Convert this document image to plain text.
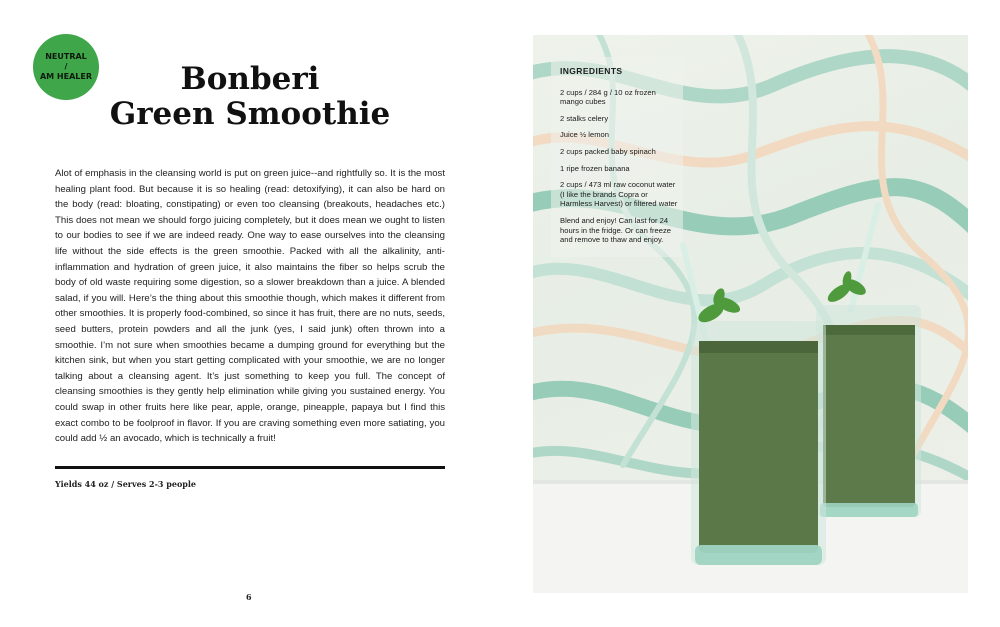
NEUTRAL
/
AM HEALER	Bonberi
Green Smoothie

Alot of emphasis in the cleansing world is put on green juice--and rightfully so. It is the most healing plant food. But because it is so healing (read: detoxifying), it can also be hard on the body (read: bloating, constipating) or even too cleansing (breakouts, headaches etc.) This does not mean we should forgo juicing completely, but it does mean we ought to listen to our bodies to see if we are indeed ready. One way to ease ourselves into the cleansing life without the side effects is the green smoothie. Packed with all the alkalinity, anti-inflammation and hydration of green juice, it also maintains the fiber so helps scrub the body of old waste requiring some digestion, so a slower breakdown than a juice. A blended salad, if you will. Here’s the thing about this smoothie though, which makes it different from other smoothies. It is properly food-combined, so since it has fruit, there are no nuts, seeds, seed butters, protein powders and all the junk (yes, I said junk) often thrown into a smoothie. I’m not sure when smoothies became a dumping ground for everything but the kitchen sink, but when you start getting complicated with your smoothie, we are no longer talking about a cleansing agent. It’s just something to keep you full. The concept of cleansing smoothies is they gently help elimination while giving you sustained energy. You could swap in other fruits here like pear, apple, orange, pineapple, papaya but I find this exact combo to be foolproof in flavor. If you are craving something even more satiating, you could add ½ an avocado, which is technically a fruit!

Yields 44 oz / Serves 2-3 people
6
INGREDIENTS
2 cups / 284 g / 10 oz frozen mango cubes
2 stalks celery
Juice ½ lemon
2 cups packed baby spinach
1 ripe frozen banana
2 cups / 473 ml raw coconut water (I like the brands Copra or Harmless Harvest) or filtered water
Blend and enjoy! Can last for 24 hours in the fridge. Or can freeze and remove to thaw and enjoy.
